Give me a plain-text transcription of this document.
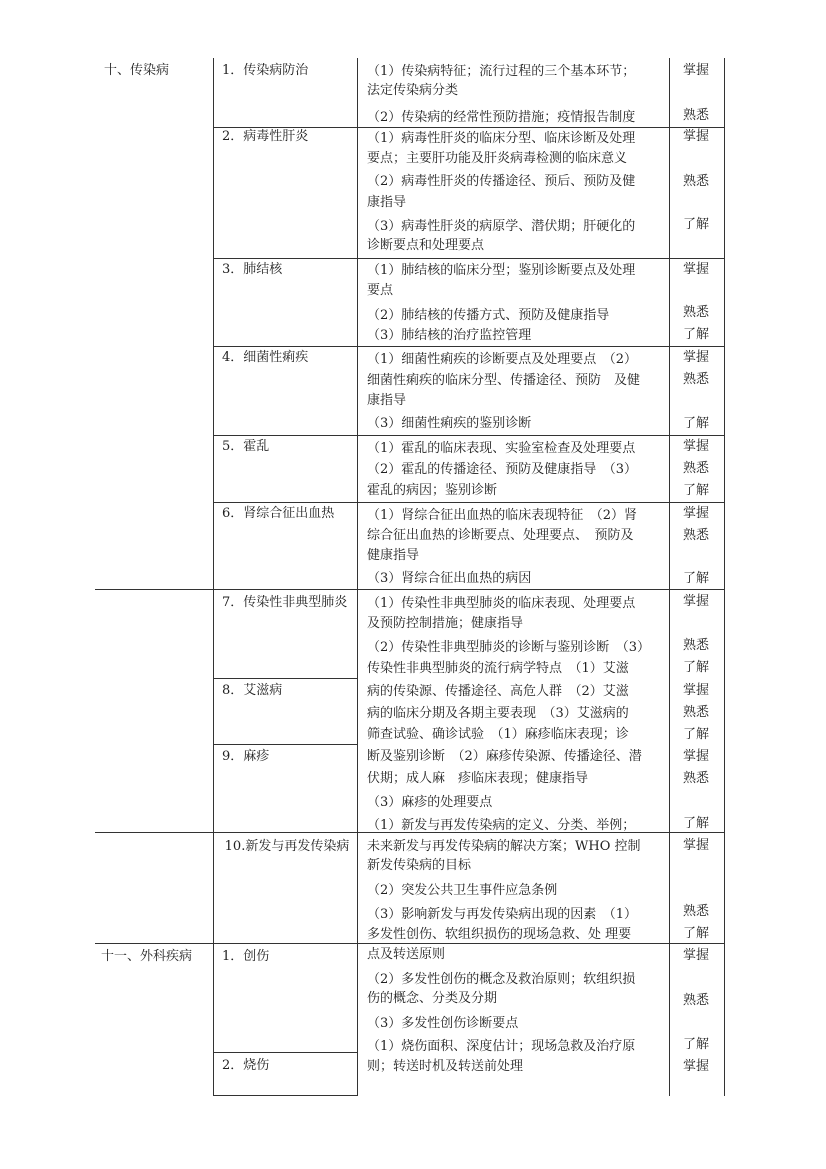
十、传染病
十一、外科疾病
1．传染病防治
2．病毒性肝炎
3．肺结核
4．细菌性痢疾
5．霍乱
6．肾综合征出血热
7．传染性非典型肺炎
8．艾滋病
9．麻疹
10.新发与再发传染病
1．创伤
2．烧伤
（1）传染病特征；流行过程的三个基本环节；
法定传染病分类
（2）传染病的经常性预防措施；疫情报告制度
（1）病毒性肝炎的临床分型、临床诊断及处理
要点；主要肝功能及肝炎病毒检测的临床意义
（2）病毒性肝炎的传播途径、预后、预防及健
康指导
（3）病毒性肝炎的病原学、潜伏期；肝硬化的
诊断要点和处理要点
（1）肺结核的临床分型；鉴别诊断要点及处理
要点
（2）肺结核的传播方式、预防及健康指导
（3）肺结核的治疗监控管理
（1）细菌性痢疾的诊断要点及处理要点　（2）
细菌性痢疾的临床分型、传播途径、预防　及健
康指导
（3）细菌性痢疾的鉴别诊断
（1）霍乱的临床表现、实验室检查及处理要点
（2）霍乱的传播途径、预防及健康指导　（3）
霍乱的病因；鉴别诊断
（1）肾综合征出血热的临床表现特征　（2）肾
综合征出血热的诊断要点、处理要点、　预防及
健康指导
（3）肾综合征出血热的病因
（1）传染性非典型肺炎的临床表现、处理要点
及预防控制措施；健康指导
（2）传染性非典型肺炎的诊断与鉴别诊断　（3）
传染性非典型肺炎的流行病学特点　（1）艾滋
病的传染源、传播途径、高危人群　（2）艾滋
病的临床分期及各期主要表现　（3）艾滋病的
筛查试验、确诊试验　（1）麻疹临床表现；诊
断及鉴别诊断　（2）麻疹传染源、传播途径、潜
伏期；成人麻　疹临床表现；健康指导
（3）麻疹的处理要点
（1）新发与再发传染病的定义、分类、举例；
未来新发与再发传染病的解决方案；WHO 控制
新发传染病的目标
（2）突发公共卫生事件应急条例
（3）影响新发与再发传染病出现的因素　（1）
多发性创伤、软组织损伤的现场急救、处 理要
点及转送原则
（2）多发性创伤的概念及救治原则；软组织损
伤的概念、分类及分期
（3）多发性创伤诊断要点
（1）烧伤面积、深度估计；现场急救及治疗原
则；转送时机及转送前处理
掌握
熟悉
掌握
熟悉
了解
掌握
熟悉
了解
掌握
熟悉
了解
掌握
熟悉
了解
掌握
熟悉
了解
掌握
熟悉
了解
掌握
熟悉
了解
掌握
熟悉
了解
掌握
熟悉
了解
掌握
熟悉
了解
掌握
